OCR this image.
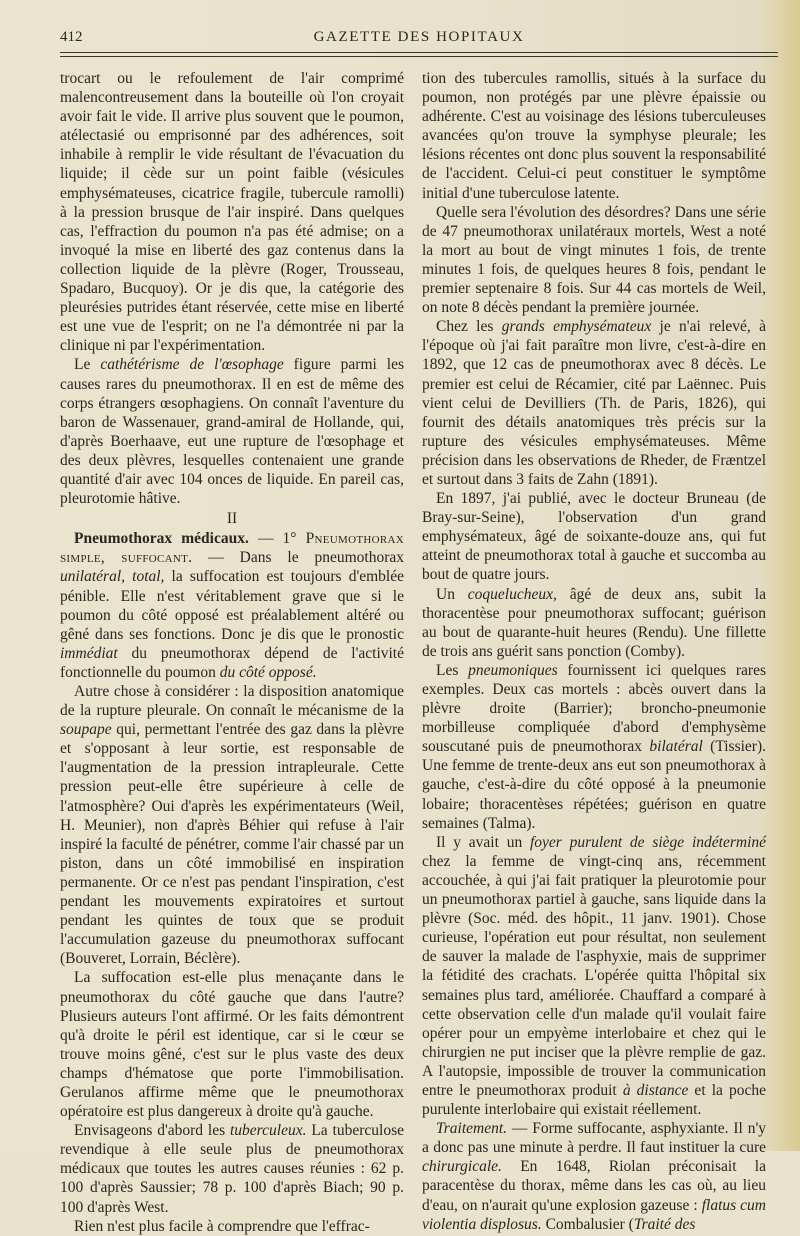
412	GAZETTE DES HOPITAUX

trocart ou le refoulement de l'air comprimé malencontreusement dans la bouteille où l'on croyait avoir fait le vide. Il arrive plus souvent que le poumon, atélectasié ou emprisonné par des adhérences, soit inhabile à remplir le vide résultant de l'évacuation du liquide; il cède sur un point faible (vésicules emphysémateuses, cicatrice fragile, tubercule ramolli) à la pression brusque de l'air inspiré. Dans quelques cas, l'effraction du poumon n'a pas été admise; on a invoqué la mise en liberté des gaz contenus dans la collection liquide de la plèvre (Roger, Trousseau, Spadaro, Bucquoy). Or je dis que, la catégorie des pleurésies putrides étant réservée, cette mise en liberté est une vue de l'esprit; on ne l'a démontrée ni par la clinique ni par l'expérimentation.

Le cathétérisme de l'œsophage figure parmi les causes rares du pneumothorax. Il en est de même des corps étrangers œsophagiens. On connaît l'aventure du baron de Wassenauer, grand-amiral de Hollande, qui, d'après Boerhaave, eut une rupture de l'œsophage et des deux plèvres, lesquelles contenaient une grande quantité d'air avec 104 onces de liquide. En pareil cas, pleurotomie hâtive.

II

Pneumothorax médicaux. — 1° Pneumothorax simple, suffocant. — Dans le pneumothorax unilatéral, total, la suffocation est toujours d'emblée pénible. Elle n'est véritablement grave que si le poumon du côté opposé est préalablement altéré ou gêné dans ses fonctions. Donc je dis que le pronostic immédiat du pneumothorax dépend de l'activité fonctionnelle du poumon du côté opposé.

Autre chose à considérer : la disposition anatomique de la rupture pleurale. On connaît le mécanisme de la soupape qui, permettant l'entrée des gaz dans la plèvre et s'opposant à leur sortie, est responsable de l'augmentation de la pression intrapleurale. Cette pression peut-elle être supérieure à celle de l'atmosphère? Oui d'après les expérimentateurs (Weil, H. Meunier), non d'après Béhier qui refuse à l'air inspiré la faculté de pénétrer, comme l'air chassé par un piston, dans un côté immobilisé en inspiration permanente. Or ce n'est pas pendant l'inspiration, c'est pendant les mouvements expiratoires et surtout pendant les quintes de toux que se produit l'accumulation gazeuse du pneumothorax suffocant (Bouveret, Lorrain, Béclère).

La suffocation est-elle plus menaçante dans le pneumothorax du côté gauche que dans l'autre? Plusieurs auteurs l'ont affirmé. Or les faits démontrent qu'à droite le péril est identique, car si le cœur se trouve moins gêné, c'est sur le plus vaste des deux champs d'hématose que porte l'immobilisation. Gerulanos affirme même que le pneumothorax opératoire est plus dangereux à droite qu'à gauche.

Envisageons d'abord les tuberculeux. La tuberculose revendique à elle seule plus de pneumothorax médicaux que toutes les autres causes réunies : 62 p. 100 d'après Saussier; 78 p. 100 d'après Biach; 90 p. 100 d'après West.

Rien n'est plus facile à comprendre que l'effrac-

tion des tubercules ramollis, situés à la surface du poumon, non protégés par une plèvre épaissie ou adhérente. C'est au voisinage des lésions tuberculeuses avancées qu'on trouve la symphyse pleurale; les lésions récentes ont donc plus souvent la responsabilité de l'accident. Celui-ci peut constituer le symptôme initial d'une tuberculose latente.

Quelle sera l'évolution des désordres? Dans une série de 47 pneumothorax unilatéraux mortels, West a noté la mort au bout de vingt minutes 1 fois, de trente minutes 1 fois, de quelques heures 8 fois, pendant le premier septenaire 8 fois. Sur 44 cas mortels de Weil, on note 8 décès pendant la première journée.

Chez les grands emphysémateux je n'ai relevé, à l'époque où j'ai fait paraître mon livre, c'est-à-dire en 1892, que 12 cas de pneumothorax avec 8 décès. Le premier est celui de Récamier, cité par Laënnec. Puis vient celui de Devilliers (Th. de Paris, 1826), qui fournit des détails anatomiques très précis sur la rupture des vésicules emphysémateuses. Même précision dans les observations de Rheder, de Fræntzel et surtout dans 3 faits de Zahn (1891).

En 1897, j'ai publié, avec le docteur Bruneau (de Bray-sur-Seine), l'observation d'un grand emphysémateux, âgé de soixante-douze ans, qui fut atteint de pneumothorax total à gauche et succomba au bout de quatre jours.

Un coqueluchеux, âgé de deux ans, subit la thoracentèse pour pneumothorax suffocant; guérison au bout de quarante-huit heures (Rendu). Une fillette de trois ans guérit sans ponction (Comby).

Les pneumoniques fournissent ici quelques rares exemples. Deux cas mortels : abcès ouvert dans la plèvre droite (Barrier); broncho-pneumonie morbilleuse compliquée d'abord d'emphysème souscutané puis de pneumothorax bilatéral (Tissier). Une femme de trente-deux ans eut son pneumothorax à gauche, c'est-à-dire du côté opposé à la pneumonie lobaire; thoracentèses répétées; guérison en quatre semaines (Talma).

Il y avait un foyer purulent de siège indéterminé chez la femme de vingt-cinq ans, récemment accouchée, à qui j'ai fait pratiquer la pleurotomie pour un pneumothorax partiel à gauche, sans liquide dans la plèvre (Soc. méd. des hôpit., 11 janv. 1901). Chose curieuse, l'opération eut pour résultat, non seulement de sauver la malade de l'asphyxie, mais de supprimer la fétidité des crachats. L'opérée quitta l'hôpital six semaines plus tard, améliorée. Chauffard a comparé à cette observation celle d'un malade qu'il voulait faire opérer pour un empyème interlobaire et chez qui le chirurgien ne put inciser que la plèvre remplie de gaz. A l'autopsie, impossible de trouver la communication entre le pneumothorax produit à distance et la poche purulente interlobaire qui existait réellement.

Traitement. — Forme suffocante, asphyxiante. Il n'y a donc pas une minute à perdre. Il faut instituer la cure chirurgicale. En 1648, Riolan préconisait la paracentèse du thorax, même dans les cas où, au lieu d'eau, on n'aurait qu'une explosion gazeuse : flatus cum violentia displosus. Combalusier (Traité des
